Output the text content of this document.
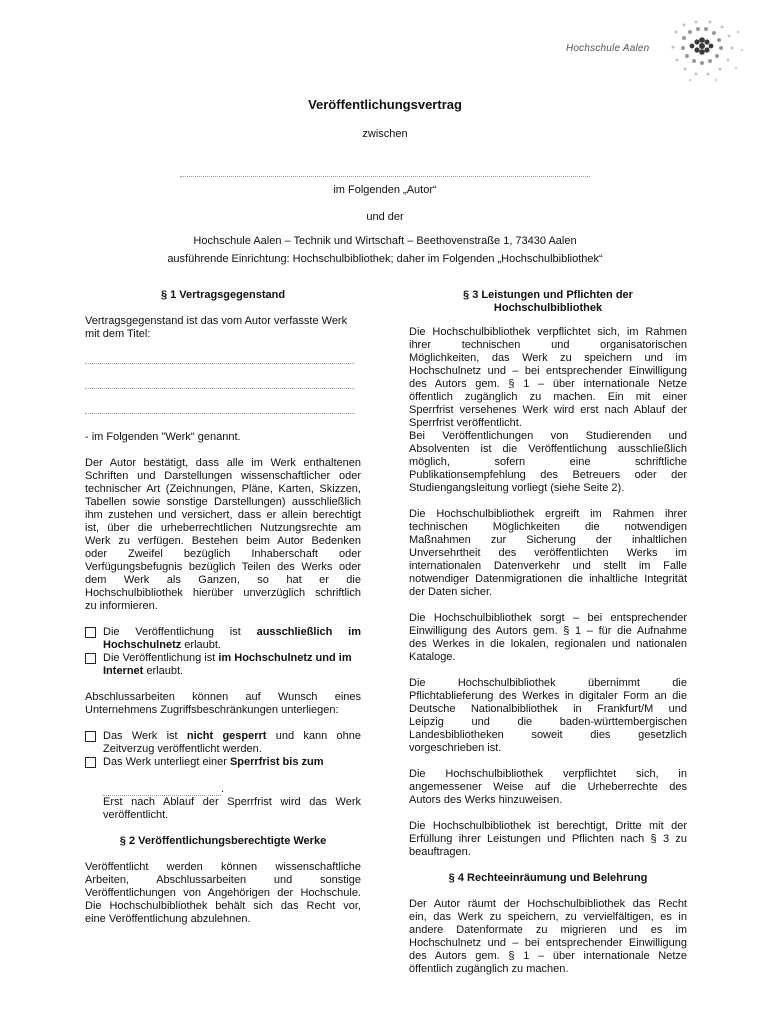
Hochschule Aalen
Veröffentlichungsvertrag
zwischen
im Folgenden „Autor“
und der
Hochschule Aalen – Technik und Wirtschaft – Beethovenstraße 1, 73430 Aalen
ausführende Einrichtung: Hochschulbibliothek; daher im Folgenden „Hochschulbibliothek“
§ 1 Vertragsgegenstand

Vertragsgegenstand ist das vom Autor verfasste Werk

mit dem Titel:

- im Folgenden "Werk" genannt.

Der Autor bestätigt, dass alle im Werk enthaltenen

Schriften und Darstellungen wissenschaftlicher oder

technischer Art (Zeichnungen, Pläne, Karten, Skizzen,

Tabellen sowie sonstige Darstellungen) ausschließlich

ihm zustehen und versichert, dass er allein berechtigt

ist, über die urheberrechtlichen Nutzungsrechte am

Werk zu verfügen. Bestehen beim Autor Bedenken

oder Zweifel bezüglich Inhaberschaft oder

Verfügungsbefugnis bezüglich Teilen des Werks oder

dem Werk als Ganzen, so hat er die

Hochschulbibliothek hierüber unverzüglich schriftlich

zu informieren.

Die Veröffentlichung ist ausschließlich im Hochschulnetz erlaubt.
Die Veröffentlichung ist im Hochschulnetz und im Internet erlaubt.

Abschlussarbeiten können auf Wunsch eines

Unternehmens Zugriffsbeschränkungen unterliegen:

Das Werk ist nicht gesperrt und kann ohne Zeitverzug veröffentlicht werden.
Das Werk unterliegt einer Sperrfrist bis zum
.

Erst nach Ablauf der Sperrfrist wird das Werk

veröffentlicht.

§ 2 Veröffentlichungsberechtigte Werke

Veröffentlicht werden können wissenschaftliche

Arbeiten, Abschlussarbeiten und sonstige

Veröffentlichungen von Angehörigen der Hochschule.

Die Hochschulbibliothek behält sich das Recht vor,

eine Veröffentlichung abzulehnen.

§ 3 Leistungen und Pflichten der
Hochschulbibliothek

Die Hochschulbibliothek verpflichtet sich, im Rahmen

ihrer technischen und organisatorischen

Möglichkeiten, das Werk zu speichern und im

Hochschulnetz und – bei entsprechender Einwilligung

des Autors gem. § 1 – über internationale Netze

öffentlich zugänglich zu machen. Ein mit einer

Sperrfrist versehenes Werk wird erst nach Ablauf der

Sperrfrist veröffentlicht.

Bei Veröffentlichungen von Studierenden und

Absolventen ist die Veröffentlichung ausschließlich

möglich, sofern eine schriftliche

Publikationsempfehlung des Betreuers oder der

Studiengangsleitung vorliegt (siehe Seite 2).

Die Hochschulbibliothek ergreift im Rahmen ihrer

technischen Möglichkeiten die notwendigen

Maßnahmen zur Sicherung der inhaltlichen

Unversehrtheit des veröffentlichten Werks im

internationalen Datenverkehr und stellt im Falle

notwendiger Datenmigrationen die inhaltliche Integrität

der Daten sicher.

Die Hochschulbibliothek sorgt – bei entsprechender

Einwilligung des Autors gem. § 1 – für die Aufnahme

des Werkes in die lokalen, regionalen und nationalen

Kataloge.

Die Hochschulbibliothek übernimmt die

Pflichtablieferung des Werkes in digitaler Form an die

Deutsche Nationalbibliothek in Frankfurt/M und

Leipzig und die baden-württembergischen

Landesbibliotheken soweit dies gesetzlich

vorgeschrieben ist.

Die Hochschulbibliothek verpflichtet sich, in

angemessener Weise auf die Urheberrechte des

Autors des Werks hinzuweisen.

Die Hochschulbibliothek ist berechtigt, Dritte mit der

Erfüllung ihrer Leistungen und Pflichten nach § 3 zu

beauftragen.

§ 4 Rechteeinräumung und Belehrung

Der Autor räumt der Hochschulbibliothek das Recht

ein, das Werk zu speichern, zu vervielfältigen, es in

andere Datenformate zu migrieren und es im

Hochschulnetz und – bei entsprechender Einwilligung

des Autors gem. § 1 – über internationale Netze

öffentlich zugänglich zu machen.
